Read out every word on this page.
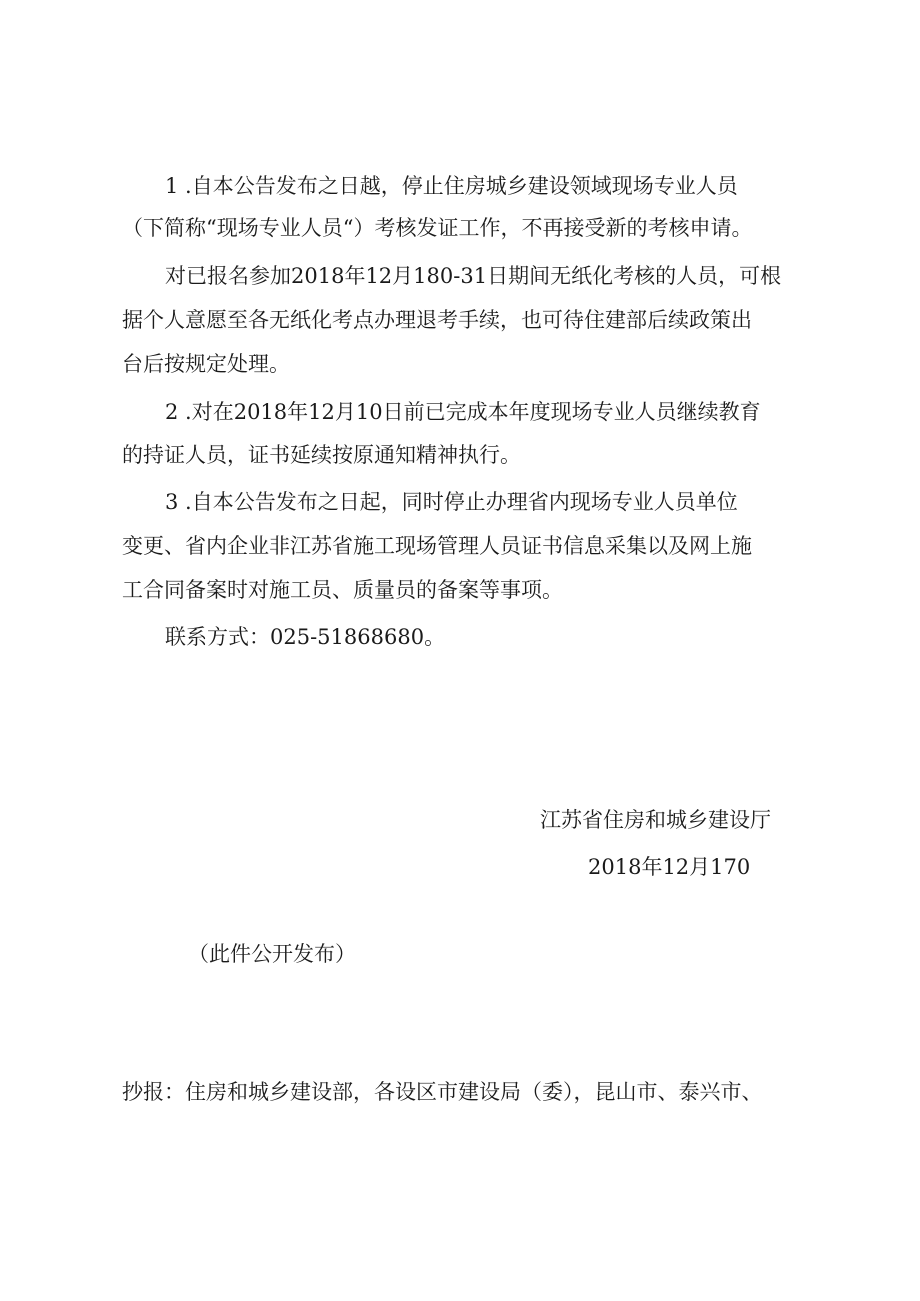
1 .自本公告发布之日越，停止住房城乡建设领域现场专业人员
（下简称“现场专业人员“）考核发证工作，不再接受新的考核申请。
对已报名参加2018年12月180-31日期间无纸化考核的人员，可根
据个人意愿至各无纸化考点办理退考手续，也可待住建部后续政策出
台后按规定处理。
2 .对在2018年12月10日前已完成本年度现场专业人员继续教育
的持证人员，证书延续按原通知精神执行。
3 .自本公告发布之日起，同时停止办理省内现场专业人员单位
变更、省内企业非江苏省施工现场管理人员证书信息采集以及网上施
工合同备案时对施工员、质量员的备案等事项。
联系方式：025-51868680。
江苏省住房和城乡建设厅
2018年12月170
（此件公开发布）
抄报：住房和城乡建设部，各设区市建设局（委），昆山市、泰兴市、
